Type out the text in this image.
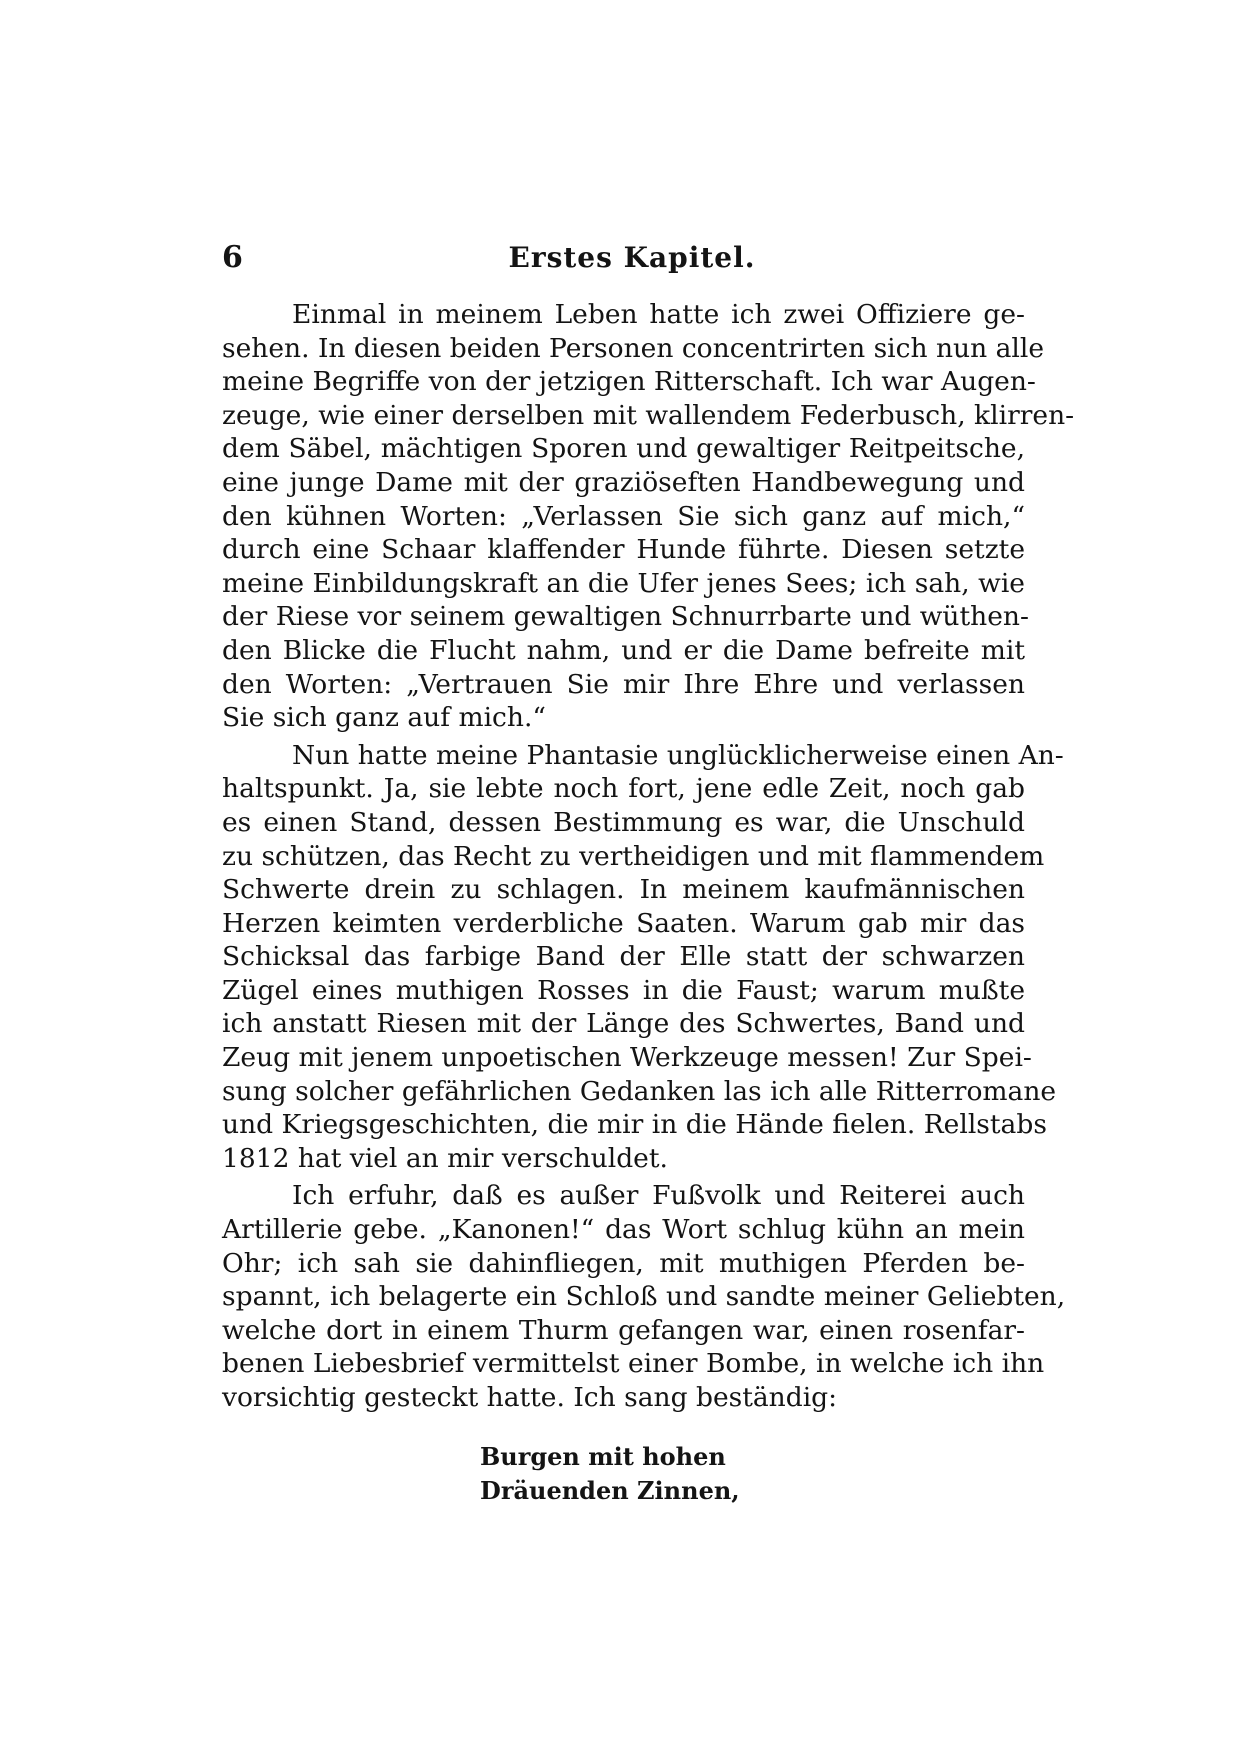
6	Erstes Kapitel.
Einmal in meinem Leben hatte ich zwei Offiziere ge-
sehen. In diesen beiden Personen concentrirten sich nun alle
meine Begriffe von der jetzigen Ritterschaft. Ich war Augen-
zeuge, wie einer derselben mit wallendem Federbusch, klirren-
dem Säbel, mächtigen Sporen und gewaltiger Reitpeitsche,
eine junge Dame mit der graziöseften Handbewegung und
den kühnen Worten: „Verlassen Sie sich ganz auf mich,“
durch eine Schaar klaffender Hunde führte. Diesen setzte
meine Einbildungskraft an die Ufer jenes Sees; ich sah, wie
der Riese vor seinem gewaltigen Schnurrbarte und wüthen-
den Blicke die Flucht nahm, und er die Dame befreite mit
den Worten: „Vertrauen Sie mir Ihre Ehre und verlassen
Sie sich ganz auf mich.“
Nun hatte meine Phantasie unglücklicherweise einen An-
haltspunkt. Ja, sie lebte noch fort, jene edle Zeit, noch gab
es einen Stand, dessen Bestimmung es war, die Unschuld
zu schützen, das Recht zu vertheidigen und mit flammendem
Schwerte drein zu schlagen. In meinem kaufmännischen
Herzen keimten verderbliche Saaten. Warum gab mir das
Schicksal das farbige Band der Elle statt der schwarzen
Zügel eines muthigen Rosses in die Faust; warum mußte
ich anstatt Riesen mit der Länge des Schwertes, Band und
Zeug mit jenem unpoetischen Werkzeuge messen! Zur Spei-
sung solcher gefährlichen Gedanken las ich alle Ritterromane
und Kriegsgeschichten, die mir in die Hände fielen. Rellstabs
1812 hat viel an mir verschuldet.
Ich erfuhr, daß es außer Fußvolk und Reiterei auch
Artillerie gebe. „Kanonen!“ das Wort schlug kühn an mein
Ohr; ich sah sie dahinfliegen, mit muthigen Pferden be-
spannt, ich belagerte ein Schloß und sandte meiner Geliebten,
welche dort in einem Thurm gefangen war, einen rosenfar-
benen Liebesbrief vermittelst einer Bombe, in welche ich ihn
vorsichtig gesteckt hatte. Ich sang beständig:
Burgen mit hohen
Dräuenden Zinnen,
